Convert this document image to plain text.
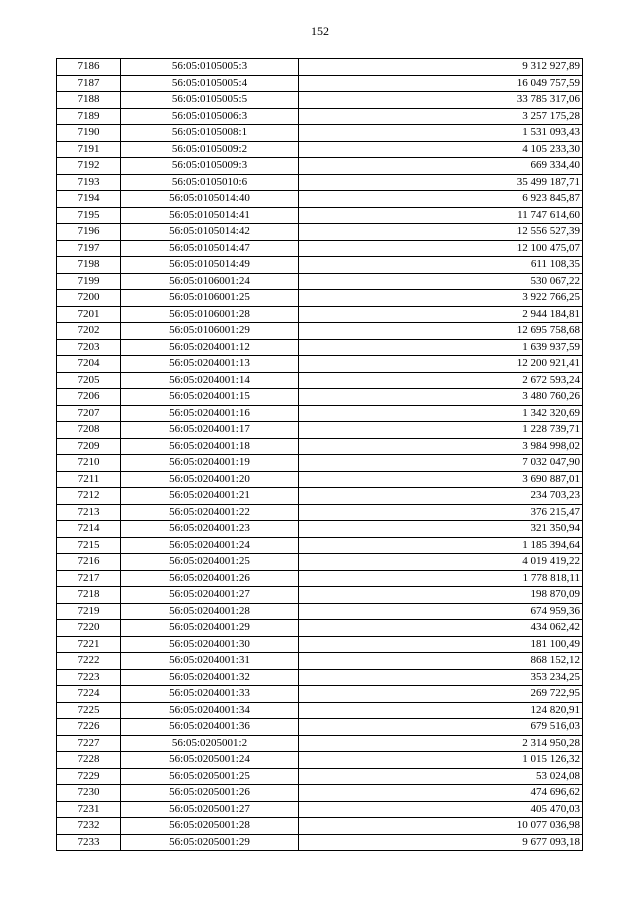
152
7186	56:05:0105005:3	9 312 927,89
7187	56:05:0105005:4	16 049 757,59
7188	56:05:0105005:5	33 785 317,06
7189	56:05:0105006:3	3 257 175,28
7190	56:05:0105008:1	1 531 093,43
7191	56:05:0105009:2	4 105 233,30
7192	56:05:0105009:3	669 334,40
7193	56:05:0105010:6	35 499 187,71
7194	56:05:0105014:40	6 923 845,87
7195	56:05:0105014:41	11 747 614,60
7196	56:05:0105014:42	12 556 527,39
7197	56:05:0105014:47	12 100 475,07
7198	56:05:0105014:49	611 108,35
7199	56:05:0106001:24	530 067,22
7200	56:05:0106001:25	3 922 766,25
7201	56:05:0106001:28	2 944 184,81
7202	56:05:0106001:29	12 695 758,68
7203	56:05:0204001:12	1 639 937,59
7204	56:05:0204001:13	12 200 921,41
7205	56:05:0204001:14	2 672 593,24
7206	56:05:0204001:15	3 480 760,26
7207	56:05:0204001:16	1 342 320,69
7208	56:05:0204001:17	1 228 739,71
7209	56:05:0204001:18	3 984 998,02
7210	56:05:0204001:19	7 032 047,90
7211	56:05:0204001:20	3 690 887,01
7212	56:05:0204001:21	234 703,23
7213	56:05:0204001:22	376 215,47
7214	56:05:0204001:23	321 350,94
7215	56:05:0204001:24	1 185 394,64
7216	56:05:0204001:25	4 019 419,22
7217	56:05:0204001:26	1 778 818,11
7218	56:05:0204001:27	198 870,09
7219	56:05:0204001:28	674 959,36
7220	56:05:0204001:29	434 062,42
7221	56:05:0204001:30	181 100,49
7222	56:05:0204001:31	868 152,12
7223	56:05:0204001:32	353 234,25
7224	56:05:0204001:33	269 722,95
7225	56:05:0204001:34	124 820,91
7226	56:05:0204001:36	679 516,03
7227	56:05:0205001:2	2 314 950,28
7228	56:05:0205001:24	1 015 126,32
7229	56:05:0205001:25	53 024,08
7230	56:05:0205001:26	474 696,62
7231	56:05:0205001:27	405 470,03
7232	56:05:0205001:28	10 077 036,98
7233	56:05:0205001:29	9 677 093,18
